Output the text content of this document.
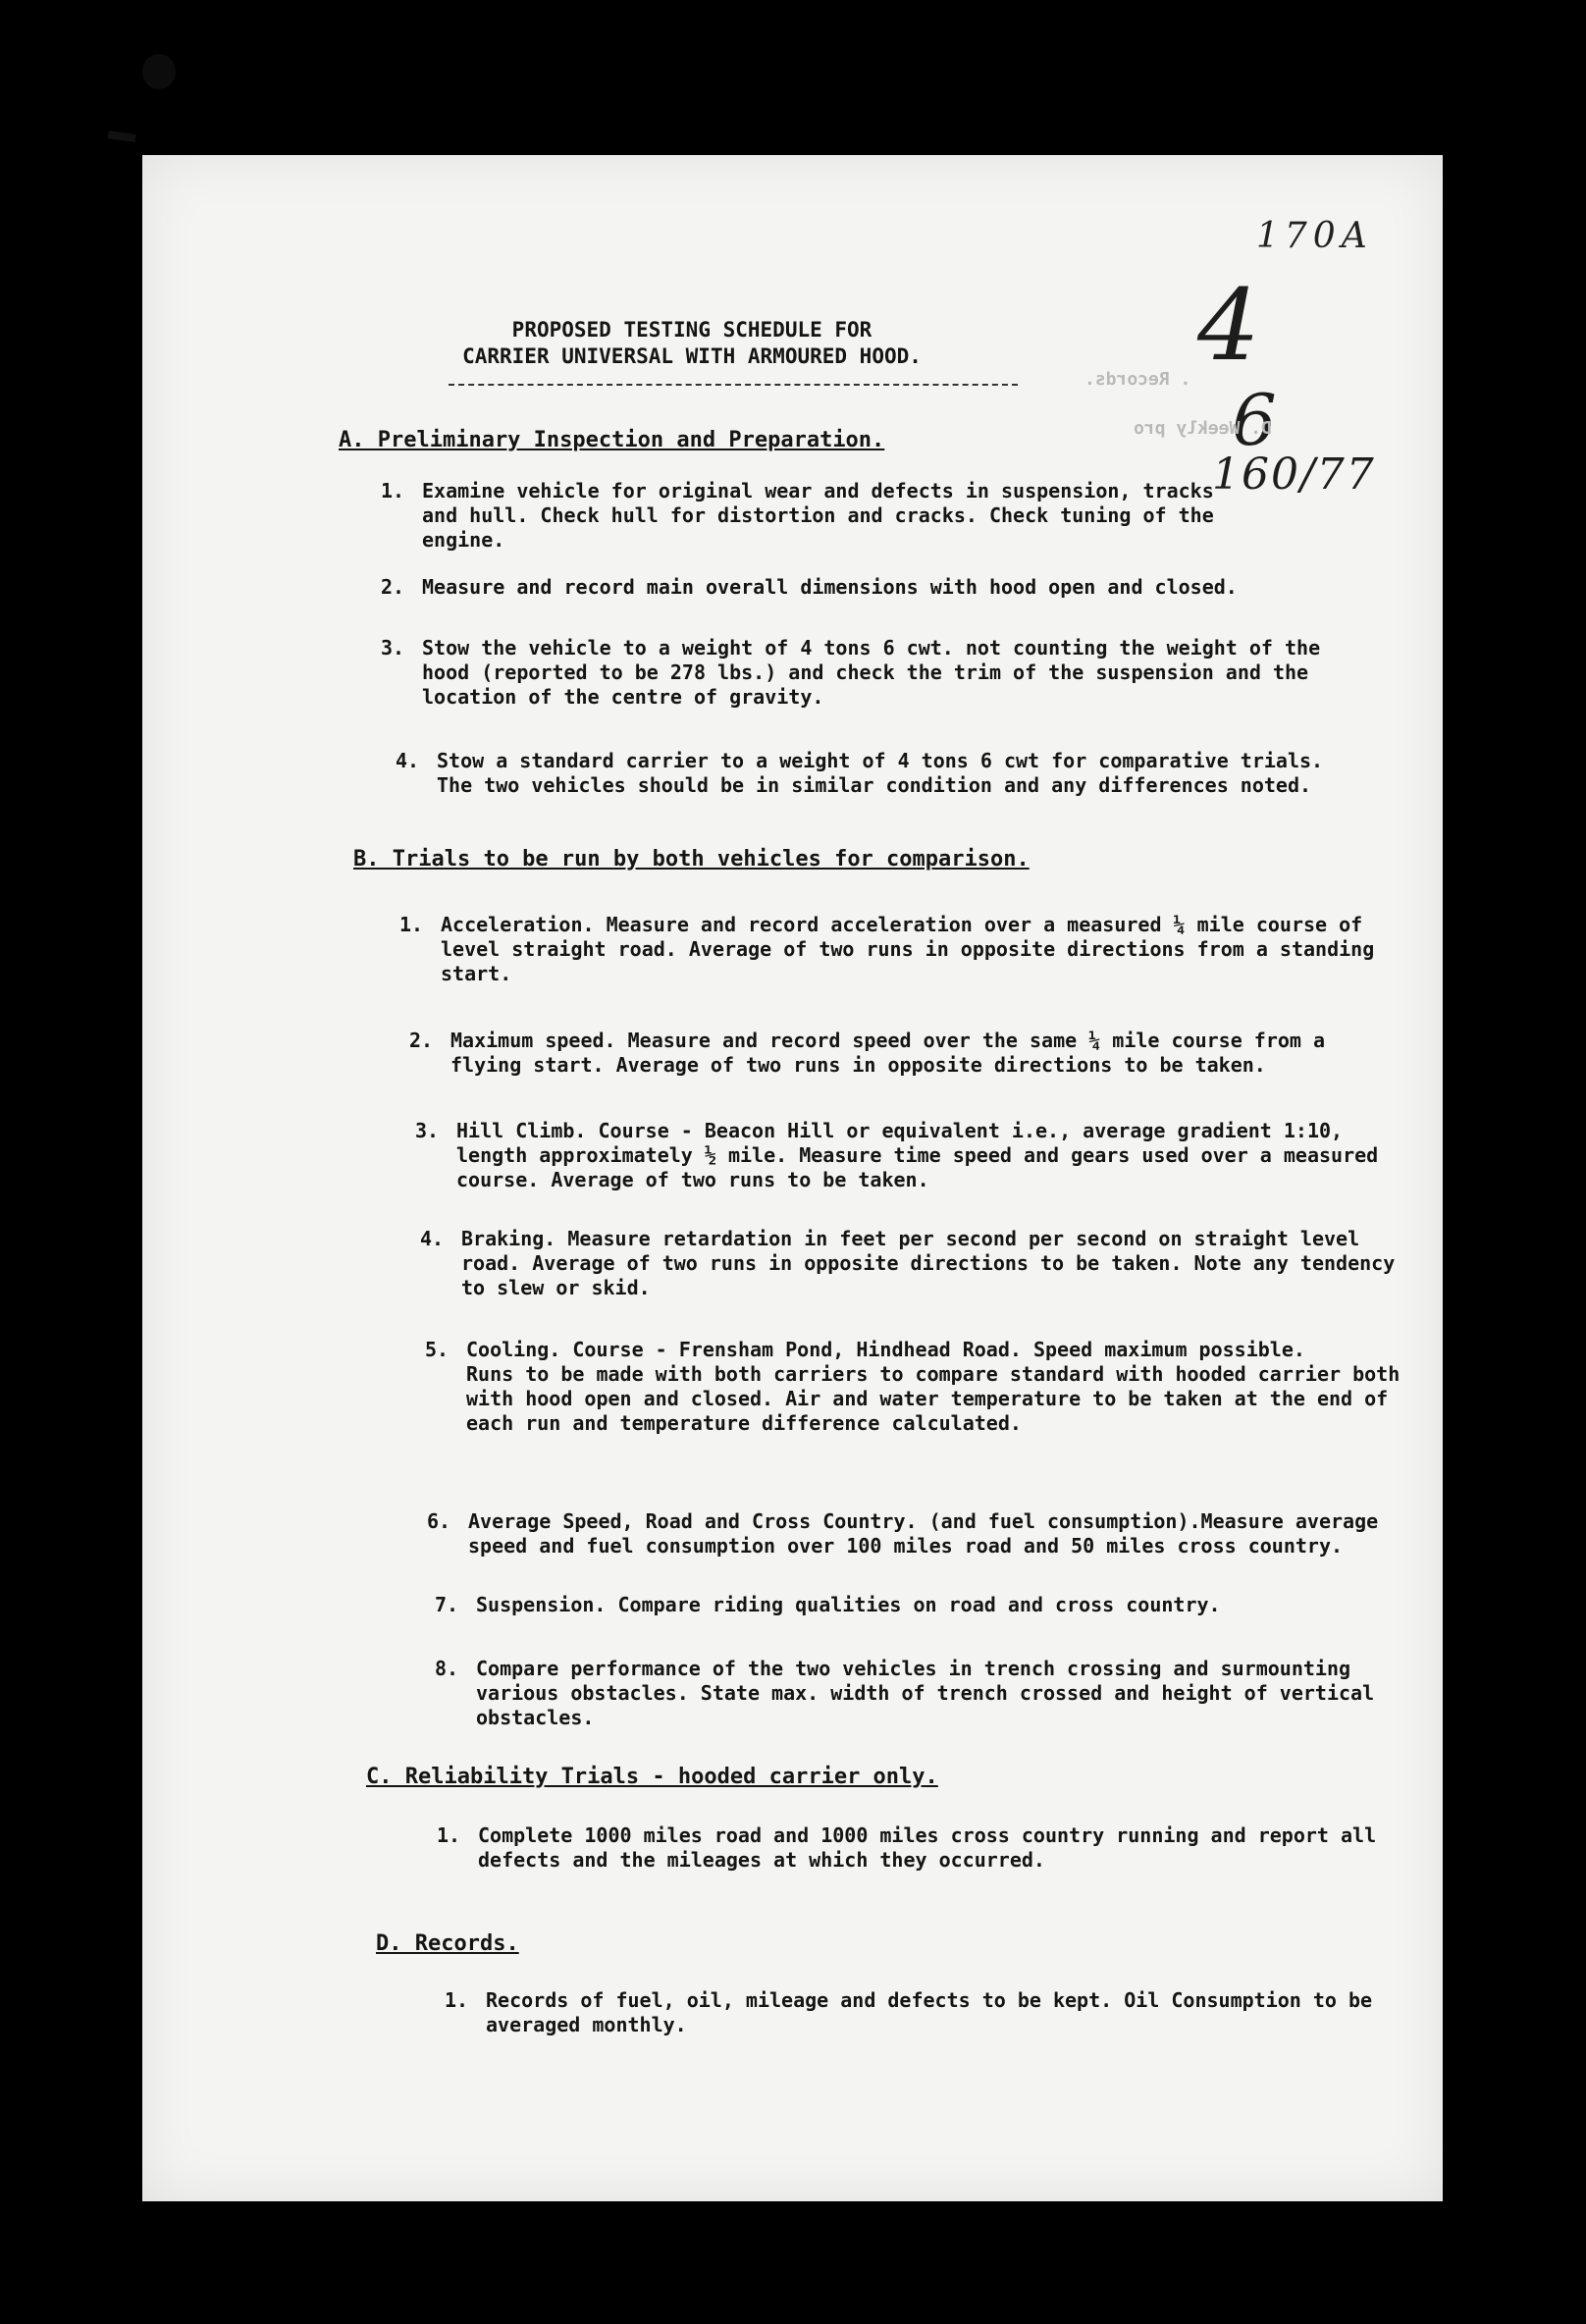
170A
4
6
160/77
. Records.
D. Weekly pro
PROPOSED TESTING SCHEDULE FOR
CARRIER UNIVERSAL WITH ARMOURED HOOD.
A. Preliminary Inspection and Preparation.
1. Examine vehicle for original wear and defects in suspension, tracks and hull. Check hull for distortion and cracks. Check tuning of the engine.
2. Measure and record main overall dimensions with hood open and closed.
3. Stow the vehicle to a weight of 4 tons 6 cwt. not counting the weight of the hood (reported to be 278 lbs.) and check the trim of the suspension and the location of the centre of gravity.
4. Stow a standard carrier to a weight of 4 tons 6 cwt for comparative trials. The two vehicles should be in similar condition and any differences noted.
B. Trials to be run by both vehicles for comparison.
1. Acceleration. Measure and record acceleration over a measured ¼ mile course of level straight road. Average of two runs in opposite directions from a standing start.
2. Maximum speed. Measure and record speed over the same ¼ mile course from a flying start. Average of two runs in opposite directions to be taken.
3. Hill Climb. Course - Beacon Hill or equivalent i.e., average gradient 1:10, length approximately ½ mile. Measure time speed and gears used over a measured course. Average of two runs to be taken.
4. Braking. Measure retardation in feet per second per second on straight level road. Average of two runs in opposite directions to be taken. Note any tendency to slew or skid.
5. Cooling. Course - Frensham Pond, Hindhead Road. Speed maximum possible.
Runs to be made with both carriers to compare standard with hooded carrier both with hood open and closed. Air and water temperature to be taken at the end of each run and temperature difference calculated.
6. Average Speed, Road and Cross Country. (and fuel consumption).Measure average speed and fuel consumption over 100 miles road and 50 miles cross country.
7. Suspension. Compare riding qualities on road and cross country.
8. Compare performance of the two vehicles in trench crossing and surmounting various obstacles. State max. width of trench crossed and height of vertical obstacles.
C. Reliability Trials - hooded carrier only.
1. Complete 1000 miles road and 1000 miles cross country running and report all defects and the mileages at which they occurred.
D. Records.
1. Records of fuel, oil, mileage and defects to be kept. Oil Consumption to be averaged monthly.
